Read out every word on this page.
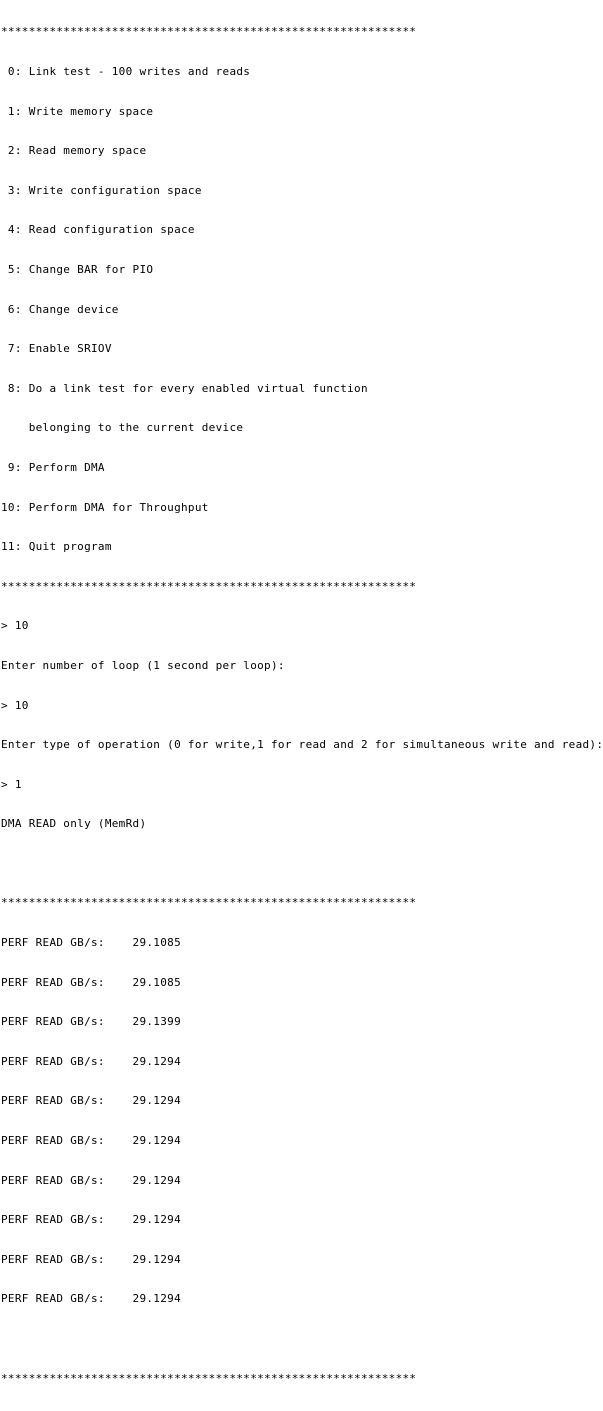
************************************************************

0: Link test - 100 writes and reads

1: Write memory space

2: Read memory space

3: Write configuration space

4: Read configuration space

5: Change BAR for PIO

6: Change device

7: Enable SRIOV

8: Do a link test for every enabled virtual function

belonging to the current device

9: Perform DMA

10: Perform DMA for Throughput

11: Quit program

************************************************************

> 10

Enter number of loop (1 second per loop):

> 10

Enter type of operation (0 for write,1 for read and 2 for simultaneous write and read):

> 1

DMA READ only (MemRd)

************************************************************

PERF READ GB/s:    29.1085

PERF READ GB/s:    29.1085

PERF READ GB/s:    29.1399

PERF READ GB/s:    29.1294

PERF READ GB/s:    29.1294

PERF READ GB/s:    29.1294

PERF READ GB/s:    29.1294

PERF READ GB/s:    29.1294

PERF READ GB/s:    29.1294

PERF READ GB/s:    29.1294

************************************************************
